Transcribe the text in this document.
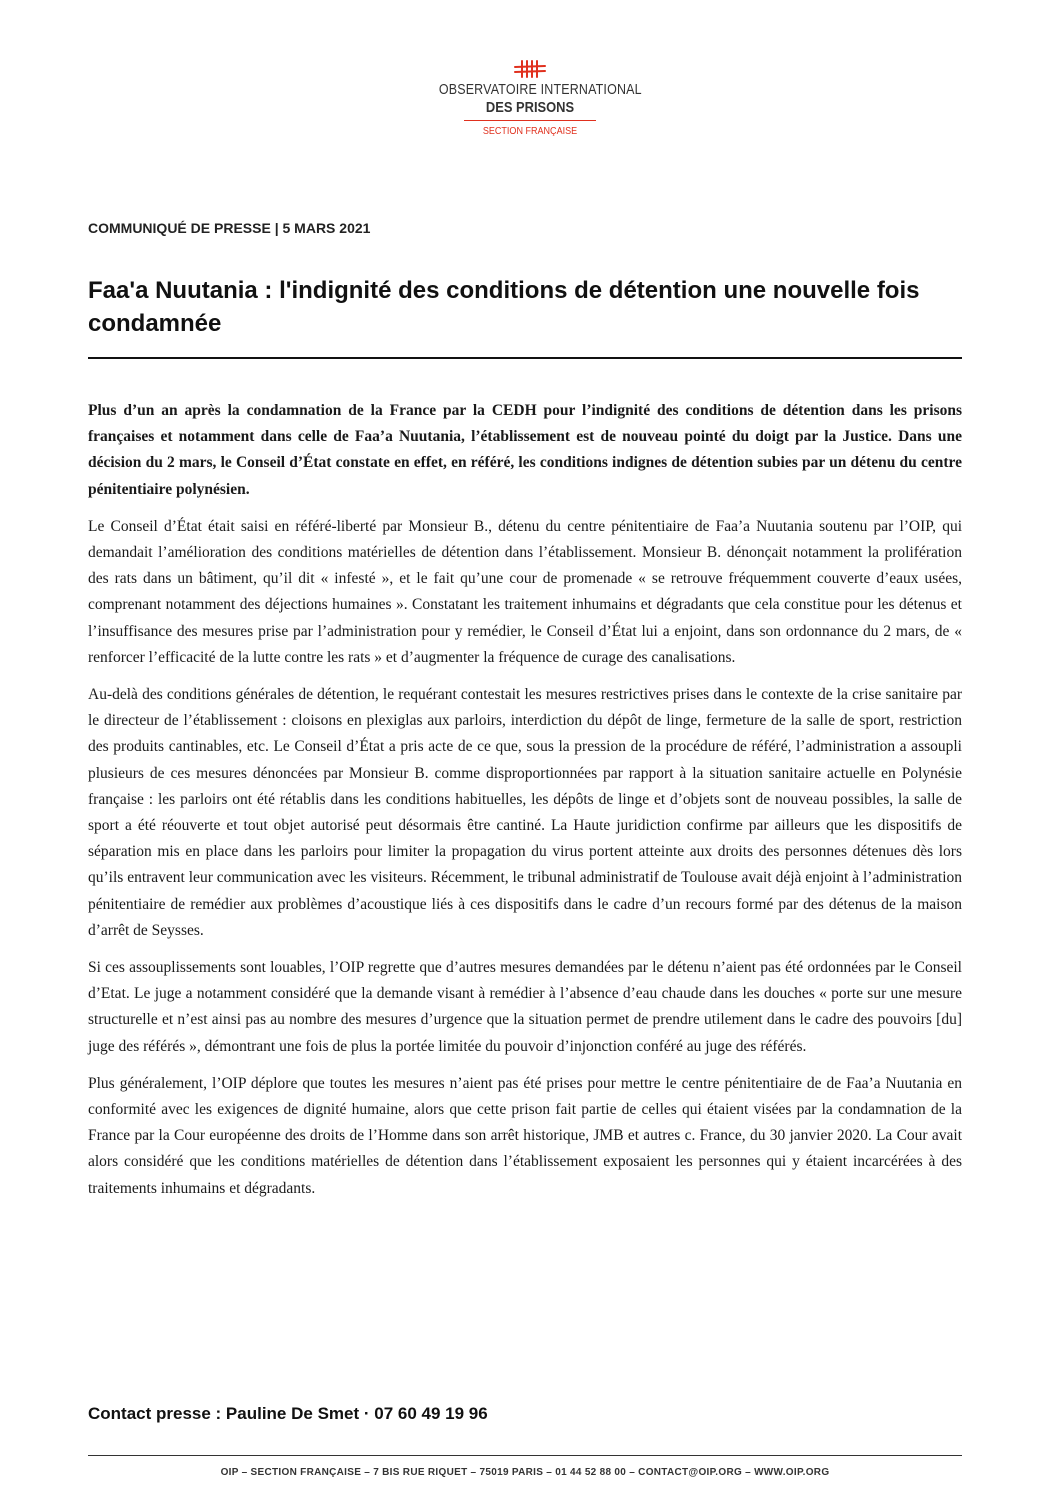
OBSERVATOIRE INTERNATIONAL
DES PRISONS
SECTION FRANÇAISE
COMMUNIQUÉ DE PRESSE | 5 MARS 2021
Faa'a Nuutania : l'indignité des conditions de détention une nouvelle fois condamnée

Plus d’un an après la condamnation de la France par la CEDH pour l’indignité des conditions de détention dans les prisons françaises et notamment dans celle de Faa’a Nuutania, l’établissement est de nouveau pointé du doigt par la Justice. Dans une décision du 2 mars, le Conseil d’État constate en effet, en référé, les conditions indignes de détention subies par un détenu du centre pénitentiaire polynésien.

Le Conseil d’État était saisi en référé-liberté par Monsieur B., détenu du centre pénitentiaire de Faa’a Nuutania soutenu par l’OIP, qui demandait l’amélioration des conditions matérielles de détention dans l’établissement. Monsieur B. dénonçait notamment la prolifération des rats dans un bâtiment, qu’il dit « infesté », et le fait qu’une cour de promenade « se retrouve fréquemment couverte d’eaux usées, comprenant notamment des déjections humaines ». Constatant les traitement inhumains et dégradants que cela constitue pour les détenus et l’insuffisance des mesures prise par l’administration pour y remédier, le Conseil d’État lui a enjoint, dans son ordonnance du 2 mars, de « renforcer l’efficacité de la lutte contre les rats » et d’augmenter la fréquence de curage des canalisations.

Au-delà des conditions générales de détention, le requérant contestait les mesures restrictives prises dans le contexte de la crise sanitaire par le directeur de l’établissement : cloisons en plexiglas aux parloirs, interdiction du dépôt de linge, fermeture de la salle de sport, restriction des produits cantinables, etc. Le Conseil d’État a pris acte de ce que, sous la pression de la procédure de référé, l’administration a assoupli plusieurs de ces mesures dénoncées par Monsieur B. comme disproportionnées par rapport à la situation sanitaire actuelle en Polynésie française : les parloirs ont été rétablis dans les conditions habituelles, les dépôts de linge et d’objets sont de nouveau possibles, la salle de sport a été réouverte et tout objet autorisé peut désormais être cantiné. La Haute juridiction confirme par ailleurs que les dispositifs de séparation mis en place dans les parloirs pour limiter la propagation du virus portent atteinte aux droits des personnes détenues dès lors qu’ils entravent leur communication avec les visiteurs. Récemment, le tribunal administratif de Toulouse avait déjà enjoint à l’administration pénitentiaire de remédier aux problèmes d’acoustique liés à ces dispositifs dans le cadre d’un recours formé par des détenus de la maison d’arrêt de Seysses.

Si ces assouplissements sont louables, l’OIP regrette que d’autres mesures demandées par le détenu n’aient pas été ordonnées par le Conseil d’Etat. Le juge a notamment considéré que la demande visant à remédier à l’absence d’eau chaude dans les douches « porte sur une mesure structurelle et n’est ainsi pas au nombre des mesures d’urgence que la situation permet de prendre utilement dans le cadre des pouvoirs [du] juge des référés », démontrant une fois de plus la portée limitée du pouvoir d’injonction conféré au juge des référés.

Plus généralement, l’OIP déplore que toutes les mesures n’aient pas été prises pour mettre le centre pénitentiaire de de Faa’a Nuutania en conformité avec les exigences de dignité humaine, alors que cette prison fait partie de celles qui étaient visées par la condamnation de la France par la Cour européenne des droits de l’Homme dans son arrêt historique, JMB et autres c. France, du 30 janvier 2020. La Cour avait alors considéré que les conditions matérielles de détention dans l’établissement exposaient les personnes qui y étaient incarcérées à des traitements inhumains et dégradants.

Contact presse : Pauline De Smet · 07 60 49 19 96
OIP – SECTION FRANÇAISE – 7 BIS RUE RIQUET – 75019 PARIS – 01 44 52 88 00 – CONTACT@OIP.ORG – WWW.OIP.ORG
